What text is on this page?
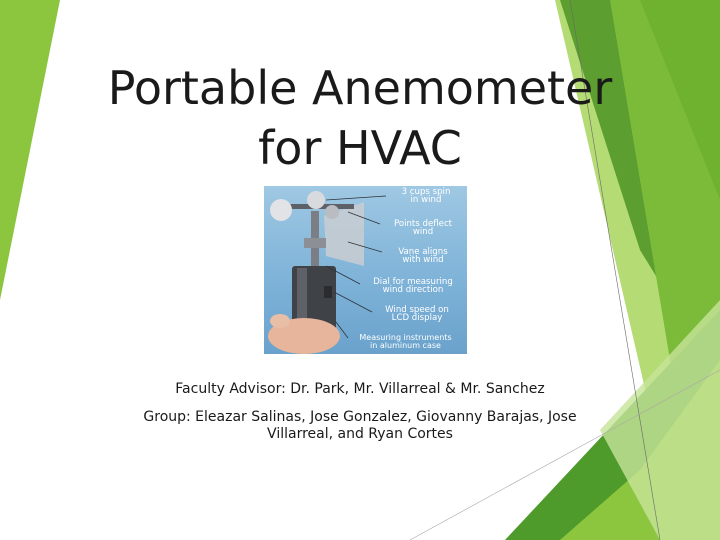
Portable Anemometer
for HVAC
3 cups spin
in wind
Points deflect
wind
Vane aligns
with wind
Dial for measuring
wind direction
Wind speed on
LCD display
Measuring instruments
in aluminum case
Faculty Advisor: Dr. Park, Mr. Villarreal & Mr. Sanchez
Group: Eleazar Salinas, Jose Gonzalez, Giovanny Barajas, Jose
Villarreal, and Ryan Cortes
